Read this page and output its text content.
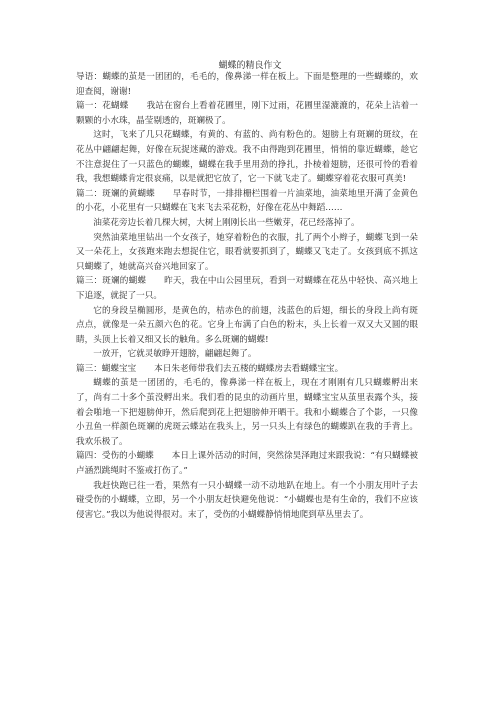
蝴蝶的精良作文

导语：蝴蝶的茧是一团团的，毛毛的，像鼻涕一样在板上。下面是整理的一些蝴蝶的，欢迎查阅，谢谢!

篇一：花蝴蝶 我站在窗台上看着花圃里，刚下过雨，花圃里湿漉漉的，花朵上沾着一颗颗的小水珠，晶莹剔透的，斑斓极了。

这时，飞来了几只花蝴蝶，有黄的、有蓝的、尚有粉色的。翅膀上有斑斓的斑纹，在花丛中翩翩起舞，好像在玩捉迷藏的游戏。我不由得跑到花圃里，悄悄的靠近蝴蝶，趁它不注意捉住了一只蓝色的蝴蝶，蝴蝶在我手里用劲的挣扎，扑棱着翅膀，还很可怜的看着我，我想蝴蝶肯定很哀痛，以是就把它放了，它一下就飞走了。蝴蝶穿着花衣服可真美!

篇二：斑斓的黄蝴蝶 早春时节，一排排栅栏围着一片油菜地，油菜地里开满了金黄色的小花，小花里有一只蝴蝶在飞来飞去采花粉，好像在花丛中舞蹈……

油菜花旁边长着几棵大树，大树上刚刚长出一些嫩芽，花已经落掉了。

突然油菜地里钻出一个女孩子，她穿着粉色的衣服，扎了两个小辫子，蝴蝶飞到一朵又一朵花上，女孩跑来跑去想捉住它，眼看就要抓到了，蝴蝶又飞走了。女孩到底不抓这只蝴蝶了，她就高兴奋兴地回家了。

篇三：斑斓的蝴蝶 昨天，我在中山公园里玩，看到一对蝴蝶在花丛中轻快、高兴地上下追逐，就捉了一只。

它的身段呈椭圆形，是黄色的，桔赤色的前翅，浅蓝色的后翅，细长的身段上尚有斑点点，就像是一朵五颜六色的花。它身上布满了白色的粉末，头上长着一双又大又圆的眼睛，头顶上长着又细又长的触角。多么斑斓的蝴蝶!

一放开，它就灵敏睁开翅膀，翩翩起舞了。

篇三：蝴蝶宝宝 本日朱老师带我们去五楼的蝴蝶房去看蝴蝶宝宝。

蝴蝶的茧是一团团的，毛毛的，像鼻涕一样在板上，现在才刚刚有几只蝴蝶孵出来了，尚有二十多个茧没孵出来。我们看的昆虫的动画片里，蝴蝶宝宝从茧里表露个头，接着会啪地一下把翅膀伸开，然后爬到花上把翅膀伸开晒干。我和小蝴蝶合了个影，一只像小丑鱼一样颜色斑斓的虎斑云蝶站在我头上，另一只头上有绿色的蝴蝶趴在我的手背上。我欢乐极了。

篇四：受伤的小蝴蝶 本日上课外活动的时间，突然徐昊泽跑过来跟我说：“有只蝴蝶被卢涵烈跳绳时不鉴戒打伤了。”

我赶快跑已往一看，果然有一只小蝴蝶一动不动地趴在地上。有一个小朋友用叶子去碰受伤的小蝴蝶，立即，另一个小朋友赶快避免他说：“小蝴蝶也是有生命的，我们不应该侵害它。”我以为他说得很对。末了，受伤的小蝴蝶静悄悄地爬到草丛里去了。
